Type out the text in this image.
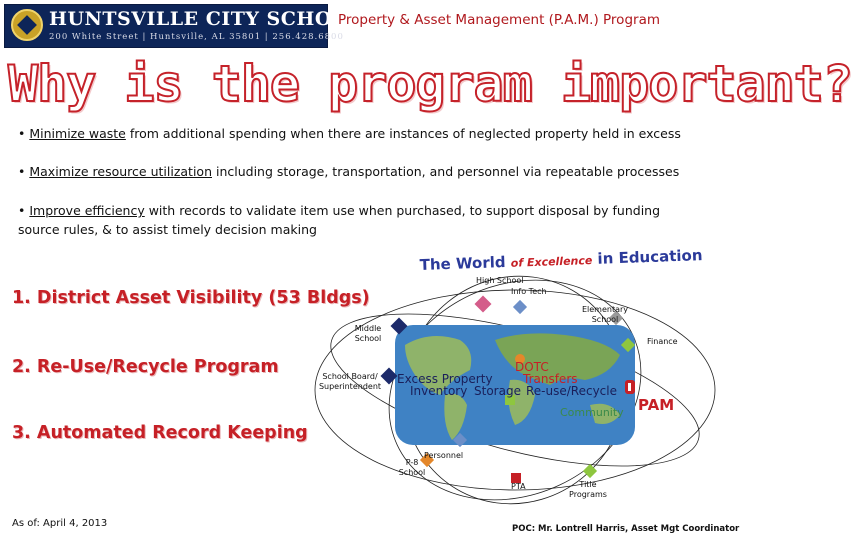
HUNTSVILLE CITY SCHOOLS
200 White Street | Huntsville, AL 35801 | 256.428.6800
Property & Asset Management (P.A.M.) Program
Why is the program important?
• Minimize waste from additional spending when there are instances of neglected property held in excess
• Maximize resource utilization including storage, transportation, and personnel via repeatable processes
• Improve efficiency with records to validate item use when purchased, to support disposal by funding source rules, & to assist timely decision making
1. District Asset Visibility (53 Bldgs)
2. Re-Use/Recycle Program
3. Automated Record Keeping
The World of Excellence in Education
High School
Info Tech
Elementary School
Middle School	Finance
School Board/ Superintendent
Personnel
P-8 School
PTA	Title Programs
DOTC
Excess Property	Transfers
Inventory Storage Re-use/Recycle
Community PAM
As of: April 4, 2013	POC: Mr. Lontrell Harris, Asset Mgt Coordinator
